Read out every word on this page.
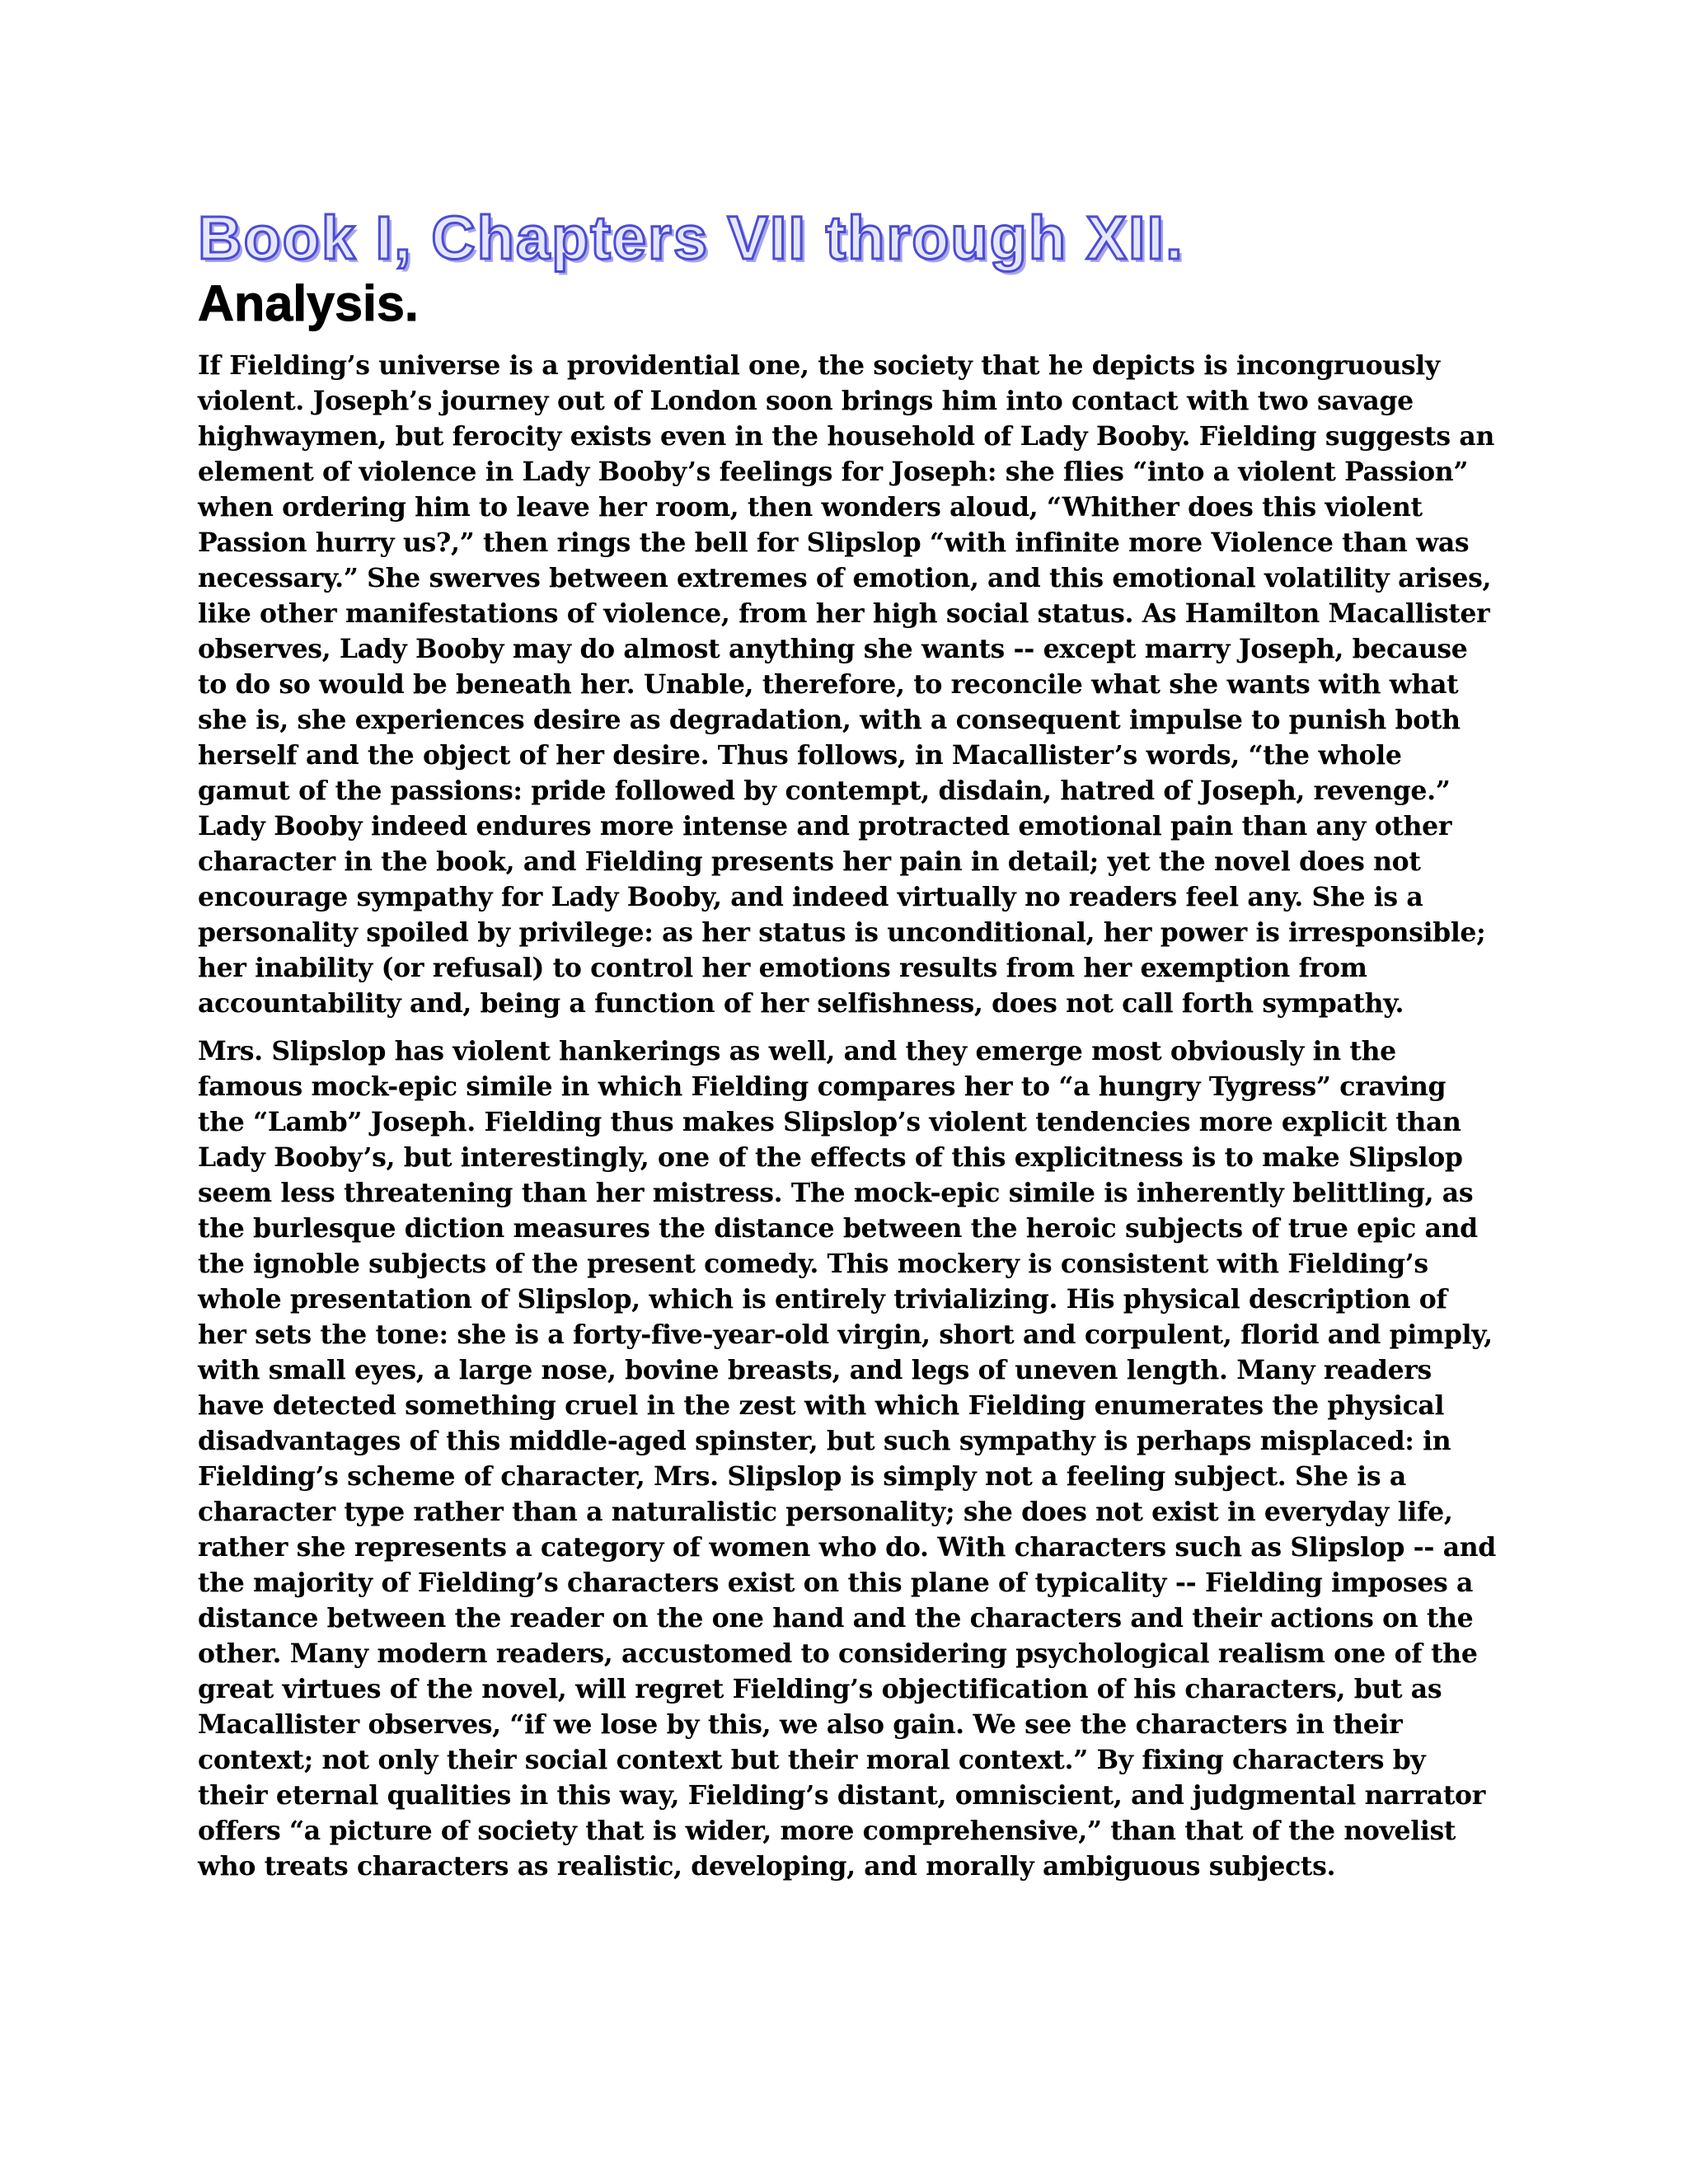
Book I, Chapters VII through XII.
Analysis.

If Fielding’s universe is a providential one, the society that he depicts is incongruously violent. Joseph’s journey out of London soon brings him into contact with two savage highwaymen, but ferocity exists even in the household of Lady Booby. Fielding suggests an element of violence in Lady Booby’s feelings for Joseph: she flies “into a violent Passion” when ordering him to leave her room, then wonders aloud, “Whither does this violent Passion hurry us?,” then rings the bell for Slipslop “with infinite more Violence than was necessary.” She swerves between extremes of emotion, and this emotional volatility arises, like other manifestations of violence, from her high social status. As Hamilton Macallister observes, Lady Booby may do almost anything she wants -- except marry Joseph, because to do so would be beneath her. Unable, therefore, to reconcile what she wants with what she is, she experiences desire as degradation, with a consequent impulse to punish both herself and the object of her desire. Thus follows, in Macallister’s words, “the whole gamut of the passions: pride followed by contempt, disdain, hatred of Joseph, revenge.” Lady Booby indeed endures more intense and protracted emotional pain than any other character in the book, and Fielding presents her pain in detail; yet the novel does not encourage sympathy for Lady Booby, and indeed virtually no readers feel any. She is a personality spoiled by privilege: as her status is unconditional, her power is irresponsible; her inability (or refusal) to control her emotions results from her exemption from accountability and, being a function of her selfishness, does not call forth sympathy.

Mrs. Slipslop has violent hankerings as well, and they emerge most obviously in the famous mock-epic simile in which Fielding compares her to “a hungry Tygress” craving the “Lamb” Joseph. Fielding thus makes Slipslop’s violent tendencies more explicit than Lady Booby’s, but interestingly, one of the effects of this explicitness is to make Slipslop seem less threatening than her mistress. The mock-epic simile is inherently belittling, as the burlesque diction measures the distance between the heroic subjects of true epic and the ignoble subjects of the present comedy. This mockery is consistent with Fielding’s whole presentation of Slipslop, which is entirely trivializing. His physical description of her sets the tone: she is a forty-five-year-old virgin, short and corpulent, florid and pimply, with small eyes, a large nose, bovine breasts, and legs of uneven length. Many readers have detected something cruel in the zest with which Fielding enumerates the physical disadvantages of this middle-aged spinster, but such sympathy is perhaps misplaced: in Fielding’s scheme of character, Mrs. Slipslop is simply not a feeling subject. She is a character type rather than a naturalistic personality; she does not exist in everyday life, rather she represents a category of women who do. With characters such as Slipslop -- and the majority of Fielding’s characters exist on this plane of typicality -- Fielding imposes a distance between the reader on the one hand and the characters and their actions on the other. Many modern readers, accustomed to considering psychological realism one of the great virtues of the novel, will regret Fielding’s objectification of his characters, but as Macallister observes, “if we lose by this, we also gain. We see the characters in their context; not only their social context but their moral context.” By fixing characters by their eternal qualities in this way, Fielding’s distant, omniscient, and judgmental narrator offers “a picture of society that is wider, more comprehensive,” than that of the novelist who treats characters as realistic, developing, and morally ambiguous subjects.
